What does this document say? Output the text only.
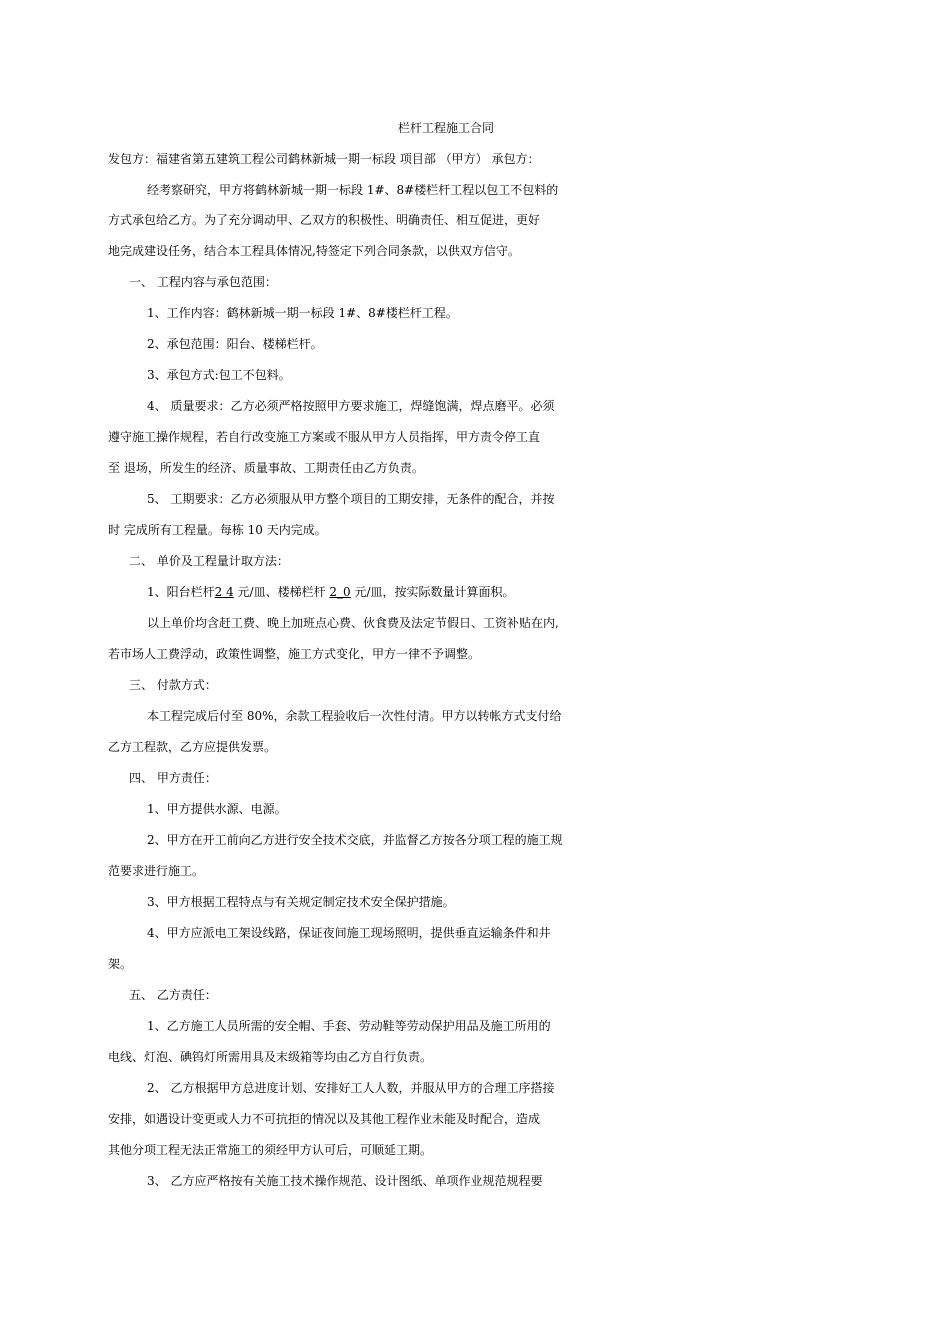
栏杆工程施工合同
发包方：福建省第五建筑工程公司鹤林新城一期一标段 项目部 （甲方） 承包方：
经考察研究，甲方将鹤林新城一期一标段 1#、8#楼栏杆工程以包工不包料的
方式承包给乙方。为了充分调动甲、乙双方的积极性、明确责任、相互促进，更好
地完成建设任务，结合本工程具体情况,特签定下列合同条款，以供双方信守。
一、 工程内容与承包范围：
1、工作内容：鹤林新城一期一标段 1#、8#楼栏杆工程。
2、承包范围：阳台、楼梯栏杆。
3、承包方式:包工不包料。
4、 质量要求：乙方必须严格按照甲方要求施工，焊缝饱满，焊点磨平。必须
遵守施工操作规程，若自行改变施工方案或不服从甲方人员指挥，甲方责令停工直
至 退场，所发生的经济、质量事故、工期责任由乙方负责。
5、 工期要求：乙方必须服从甲方整个项目的工期安排，无条件的配合，并按
时 完成所有工程量。每栋 10 天内完成。
二、 单价及工程量计取方法：
1、阳台栏杆2 4 元/皿、楼梯栏杆 2_0 元/皿，按实际数量计算面积。
以上单价均含赶工费、晚上加班点心费、伙食费及法定节假日、工资补贴在内,
若市场人工费浮动，政策性调整，施工方式变化，甲方一律不予调整。
三、 付款方式：
本工程完成后付至 80%，余款工程验收后一次性付清。甲方以转帐方式支付给
乙方工程款，乙方应提供发票。
四、 甲方责任：
1、甲方提供水源、电源。
2、甲方在开工前向乙方进行安全技术交底，并监督乙方按各分项工程的施工规
范要求进行施工。
3、甲方根据工程特点与有关规定制定技术安全保护措施。
4、甲方应派电工架设线路，保证夜间施工现场照明，提供垂直运输条件和井
架。
五、 乙方责任：
1、乙方施工人员所需的安全帽、手套、劳动鞋等劳动保护用品及施工所用的
电线、灯泡、碘钨灯所需用具及末级箱等均由乙方自行负责。
2、 乙方根据甲方总进度计划、安排好工人人数，并服从甲方的合理工序搭接
安排，如遇设计变更或人力不可抗拒的情况以及其他工程作业未能及时配合，造成
其他分项工程无法正常施工的须经甲方认可后，可顺延工期。
3、 乙方应严格按有关施工技术操作规范、设计图纸、单项作业规范规程要
